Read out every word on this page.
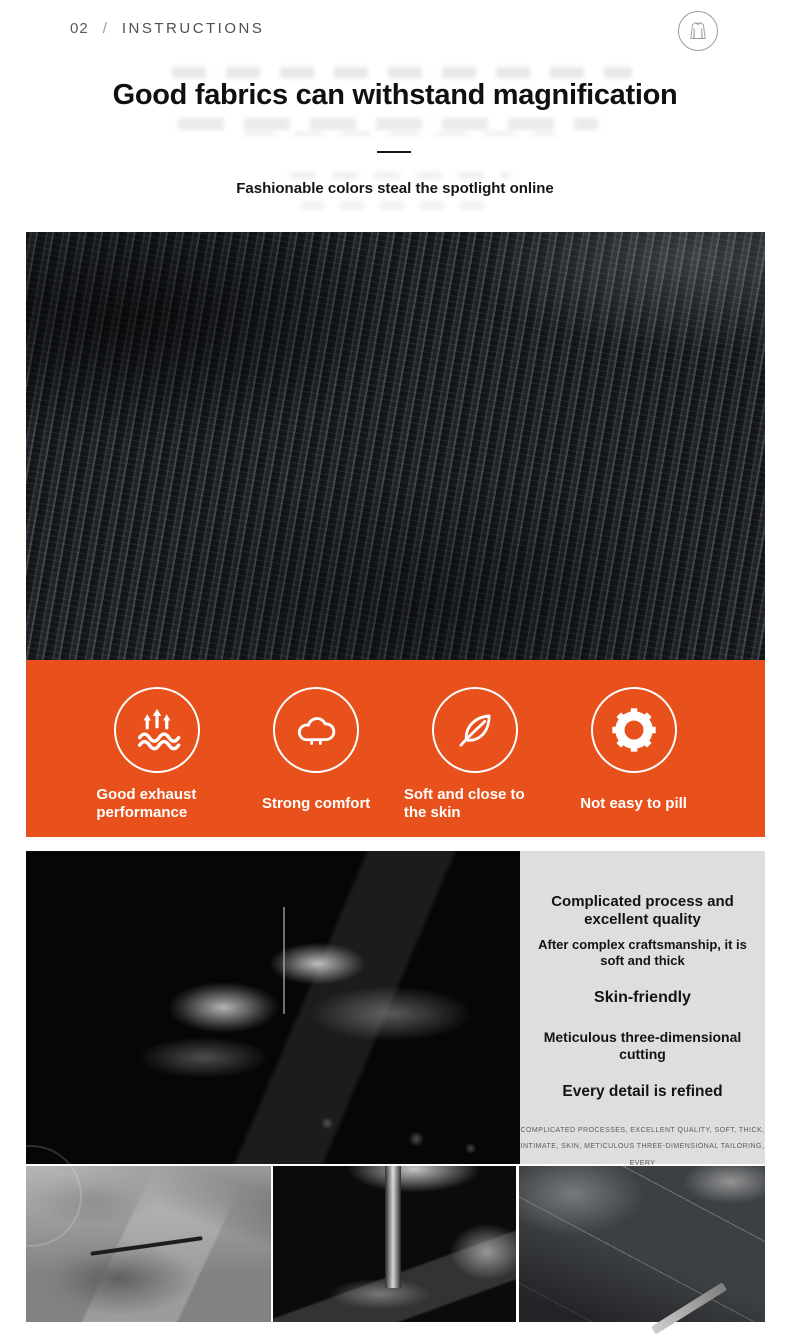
02 / INSTRUCTIONS
Good fabrics can withstand magnification
Fashionable colors steal the spotlight online
Good exhaust performance
Strong comfort
Soft and close to the skin
Not easy to pill
Complicated process and excellent quality
After complex craftsmanship, it is soft and thick
Skin-friendly
Meticulous three-dimensional cutting
Every detail is refined
COMPLICATED PROCESSES, EXCELLENT QUALITY, SOFT, THICK,
INTIMATE, SKIN, METICULOUS THREE-DIMENSIONAL TAILORING, EVERY
